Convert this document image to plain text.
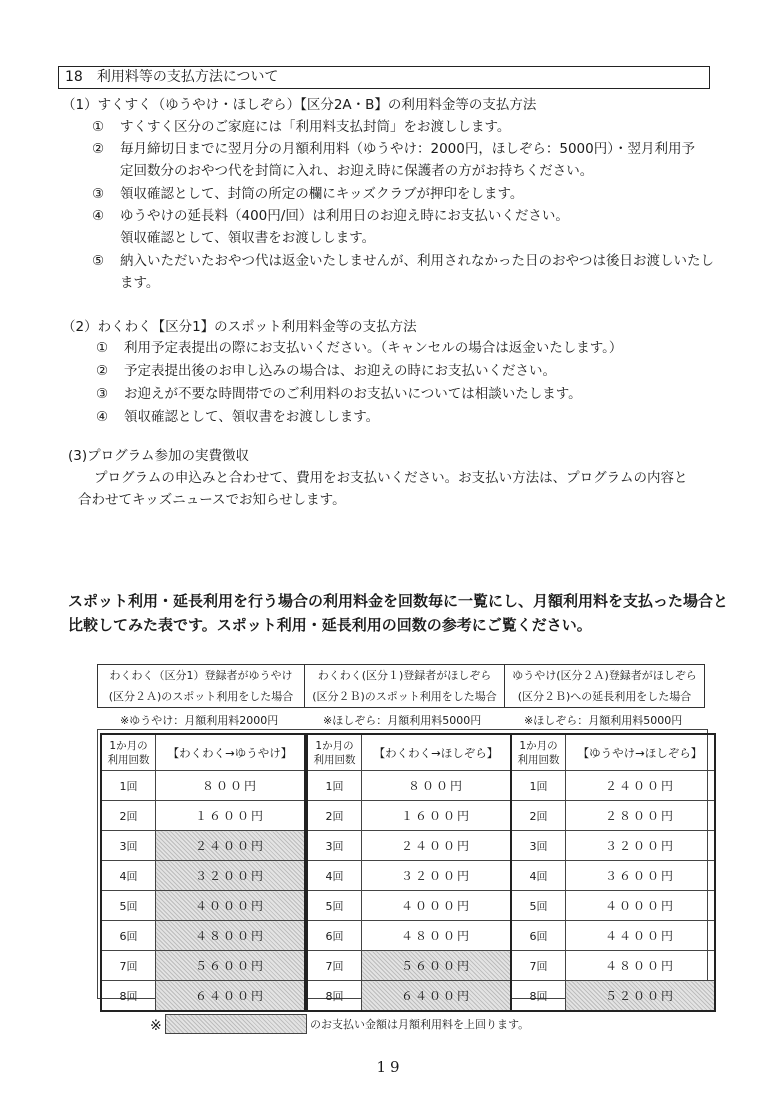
18　利用料等の支払方法について
（1）すくすく（ゆうやけ・ほしぞら）【区分2A・B】の利用料金等の支払方法
① すくすく区分のご家庭には「利用料支払封筒」をお渡しします。
② 毎月締切日までに翌月分の月額利用料（ゆうやけ：2000円，ほしぞら：5000円）・翌月利用予
定回数分のおやつ代を封筒に入れ、お迎え時に保護者の方がお持ちください。
③ 領収確認として、封筒の所定の欄にキッズクラブが押印をします。
④ ゆうやけの延長料（400円/回）は利用日のお迎え時にお支払いください。
領収確認として、領収書をお渡しします。
⑤ 納入いただいたおやつ代は返金いたしませんが、利用されなかった日のおやつは後日お渡しいたし
ます。
（2）わくわく【区分1】のスポット利用料金等の支払方法
① 利用予定表提出の際にお支払いください。（キャンセルの場合は返金いたします。）
② 予定表提出後のお申し込みの場合は、お迎えの時にお支払いください。
③ お迎えが不要な時間帯でのご利用料のお支払いについては相談いたします。
④ 領収確認として、領収書をお渡しします。
(3)プログラム参加の実費徴収
プログラムの申込みと合わせて、費用をお支払いください。お支払い方法は、プログラムの内容と
合わせてキッズニュースでお知らせします。
スポット利用・延長利用を行う場合の利用料金を回数毎に一覧にし、月額利用料を支払った場合と
比較してみた表です。スポット利用・延長利用の回数の参考にご覧ください。
わくわく（区分1）登録者がゆうやけ
(区分２Ａ)のスポット利用をした場合
わくわく(区分１)登録者がほしぞら
(区分２Ｂ)のスポット利用をした場合
ゆうやけ(区分２Ａ)登録者がほしぞら
(区分２Ｂ)への延長利用をした場合
※ゆうやけ：月額利用料2000円	※ほしぞら：月額利用料5000円	※ほしぞら：月額利用料5000円
1か月の
利用回数	【わくわく→ゆうやけ】
1回	８００円
2回	１６００円
3回	２４００円
4回	３２００円
5回	４０００円
6回	４８００円
7回	５６００円
8回	６４００円
1か月の
利用回数	【わくわく→ほしぞら】
1回	８００円
2回	１６００円
3回	２４００円
4回	３２００円
5回	４０００円
6回	４８００円
7回	５６００円
8回	６４００円
1か月の
利用回数	【ゆうやけ→ほしぞら】
1回	２４００円
2回	２８００円
3回	３２００円
4回	３６００円
5回	４０００円
6回	４４００円
7回	４８００円
8回	５２００円
※	のお支払い金額は月額利用料を上回ります。
19
